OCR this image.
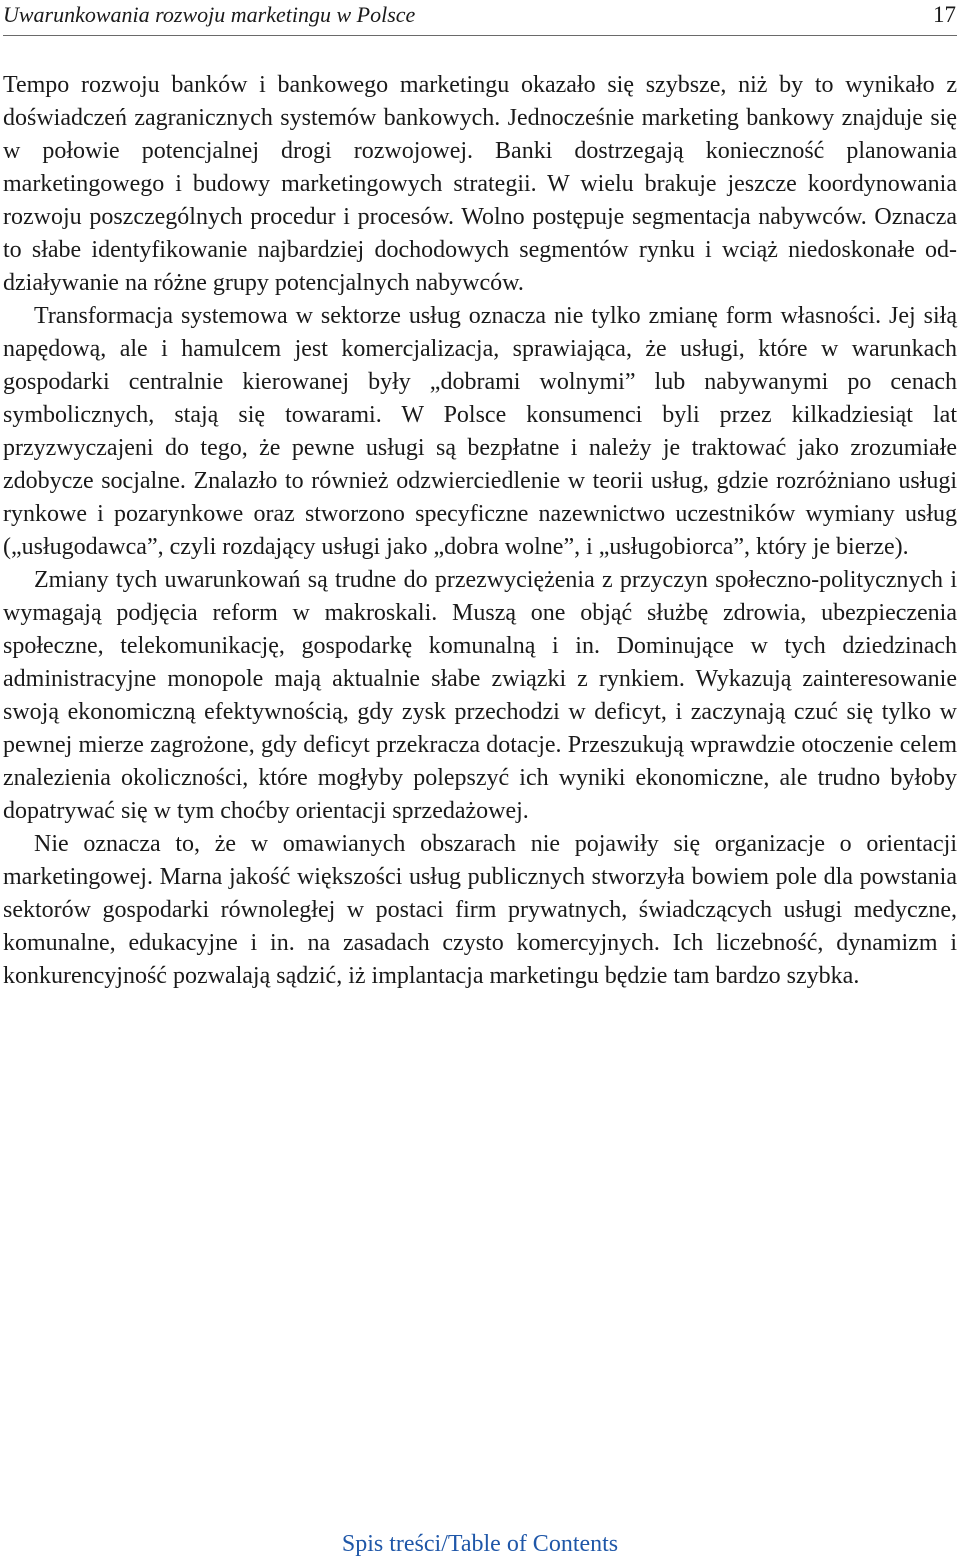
Uwarunkowania rozwoju marketingu w Polsce	17

Tempo rozwoju banków i bankowego marketingu okazało się szybsze, niż by to wynikało z doświadczeń zagranicznych systemów bankowych. Jednocześnie marketing bankowy znajduje się w połowie potencjalnej drogi rozwojowej. Banki dostrzegają konieczność planowania marketingowego i budowy marketingowych strategii. W wielu brakuje jeszcze koordynowania rozwoju poszczególnych procedur i procesów. Wolno postępuje segmentacja nabywców. Oznacza to słabe identyfikowanie najbardziej dochodowych segmentów rynku i wciąż niedoskonałe oddziaływanie na różne grupy potencjalnych nabywców.

Transformacja systemowa w sektorze usług oznacza nie tylko zmianę form własności. Jej siłą napędową, ale i hamulcem jest komercjalizacja, sprawiająca, że usługi, które w warunkach gospodarki centralnie kierowanej były „dobrami wolnymi” lub nabywanymi po cenach symbolicznych, stają się towarami. W Polsce konsumenci byli przez kilkadziesiąt lat przyzwyczajeni do tego, że pewne usługi są bezpłatne i należy je traktować jako zrozumiałe zdobycze socjalne. Znalazło to również odzwierciedlenie w teorii usług, gdzie rozróżniano usługi rynkowe i pozarynkowe oraz stworzono specyficzne nazewnictwo uczestników wymiany usług („usługodawca”, czyli rozdający usługi jako „dobra wolne”, i „usługobiorca”, który je bierze).

Zmiany tych uwarunkowań są trudne do przezwyciężenia z przyczyn społeczno-politycznych i wymagają podjęcia reform w makroskali. Muszą one objąć służbę zdrowia, ubezpieczenia społeczne, telekomunikację, gospodarkę komunalną i in. Dominujące w tych dziedzinach administracyjne monopole mają aktualnie słabe związki z rynkiem. Wykazują zainteresowanie swoją ekonomiczną efektywnością, gdy zysk przechodzi w deficyt, i zaczynają czuć się tylko w pewnej mierze zagrożone, gdy deficyt przekracza dotacje. Przeszukują wprawdzie otoczenie celem znalezienia okoliczności, które mogłyby polepszyć ich wyniki ekonomiczne, ale trudno byłoby dopatrywać się w tym choćby orientacji sprzedażowej.

Nie oznacza to, że w omawianych obszarach nie pojawiły się organizacje o orientacji marketingowej. Marna jakość większości usług publicznych stworzyła bowiem pole dla powstania sektorów gospodarki równoległej w postaci firm prywatnych, świadczących usługi medyczne, komunalne, edukacyjne i in. na zasadach czysto komercyjnych. Ich liczebność, dynamizm i konkurencyjność pozwalają sądzić, iż implantacja marketingu będzie tam bardzo szybka.

Spis treści/Table of Contents
